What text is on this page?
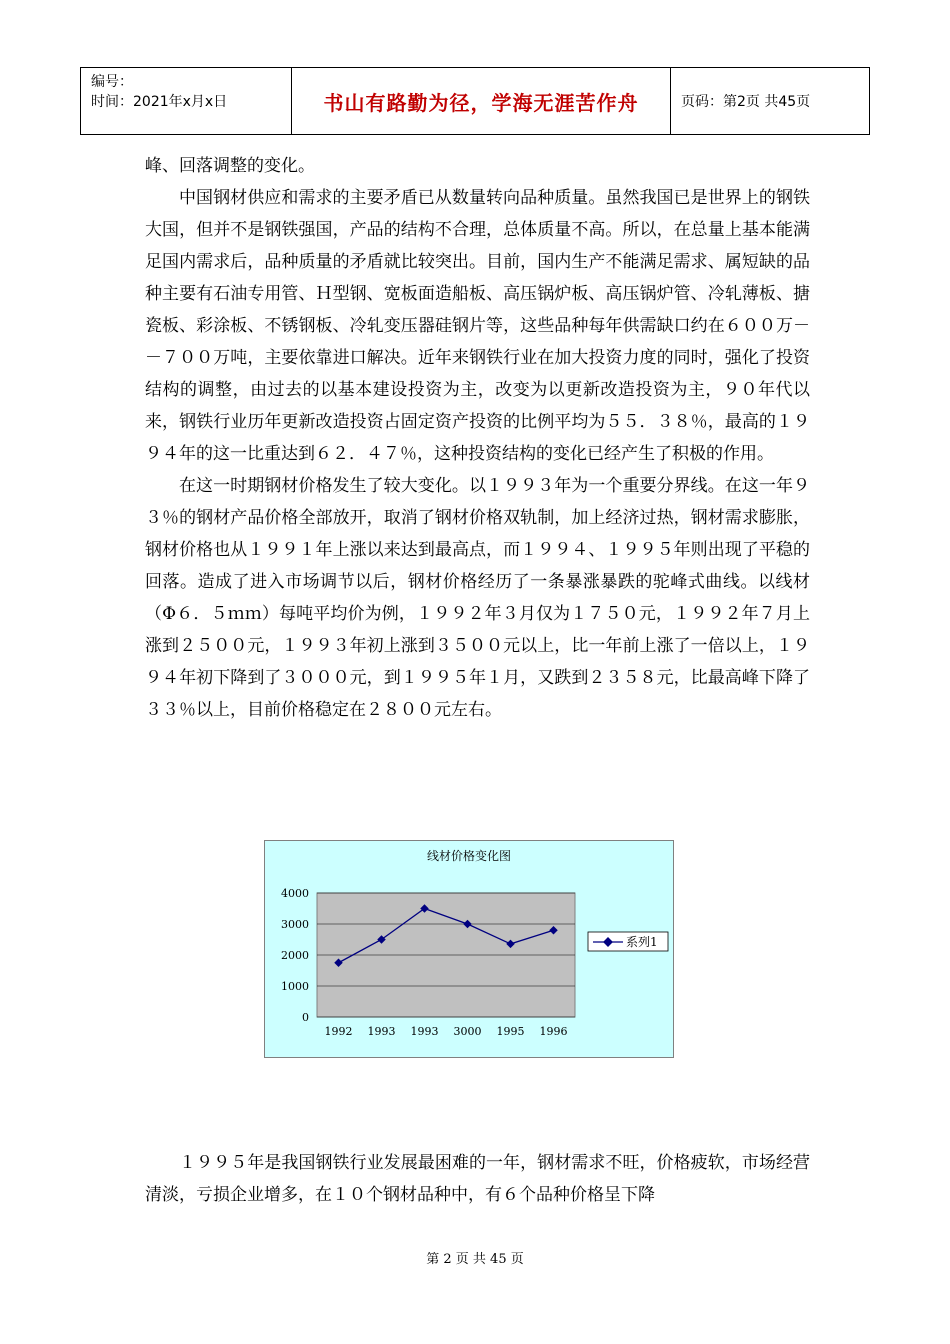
编号：
时间：2021年x月x日	书山有路勤为径，学海无涯苦作舟	页码：第2页 共45页

峰、回落调整的变化。

中国钢材供应和需求的主要矛盾已从数量转向品种质量。虽然我国已是世界上的钢铁大国，但并不是钢铁强国，产品的结构不合理，总体质量不高。所以，在总量上基本能满足国内需求后，品种质量的矛盾就比较突出。目前，国内生产不能满足需求、属短缺的品种主要有石油专用管、Ｈ型钢、宽板面造船板、高压锅炉板、高压锅炉管、冷轧薄板、搪瓷板、彩涂板、不锈钢板、冷轧变压器硅钢片等，这些品种每年供需缺口约在６００万－－７００万吨，主要依靠进口解决。近年来钢铁行业在加大投资力度的同时，强化了投资结构的调整，由过去的以基本建设投资为主，改变为以更新改造投资为主，９０年代以来，钢铁行业历年更新改造投资占固定资产投资的比例平均为５５．３８％，最高的１９９４年的这一比重达到６２．４７％，这种投资结构的变化已经产生了积极的作用。

在这一时期钢材价格发生了较大变化。以１９９３年为一个重要分界线。在这一年９３％的钢材产品价格全部放开，取消了钢材价格双轨制，加上经济过热，钢材需求膨胀，钢材价格也从１９９１年上涨以来达到最高点，而１９９４、１９９５年则出现了平稳的回落。造成了进入市场调节以后，钢材价格经历了一条暴涨暴跌的驼峰式曲线。以线材（Φ６．５ｍｍ）每吨平均价为例，１９９２年３月仅为１７５０元，１９９２年７月上涨到２５００元，１９９３年初上涨到３５００元以上，比一年前上涨了一倍以上，１９９４年初下降到了３０００元，到１９９５年１月，又跌到２３５８元，比最高峰下降了３３％以上，目前价格稳定在２８００元左右。

线材价格变化图
0
1000
2000
3000
4000
1992 1993 1993 3000 1995 1996
系列1

１９９５年是我国钢铁行业发展最困难的一年，钢材需求不旺，价格疲软，市场经营清淡，亏损企业增多，在１０个钢材品种中，有６个品种价格呈下降

第 2 页 共 45 页
